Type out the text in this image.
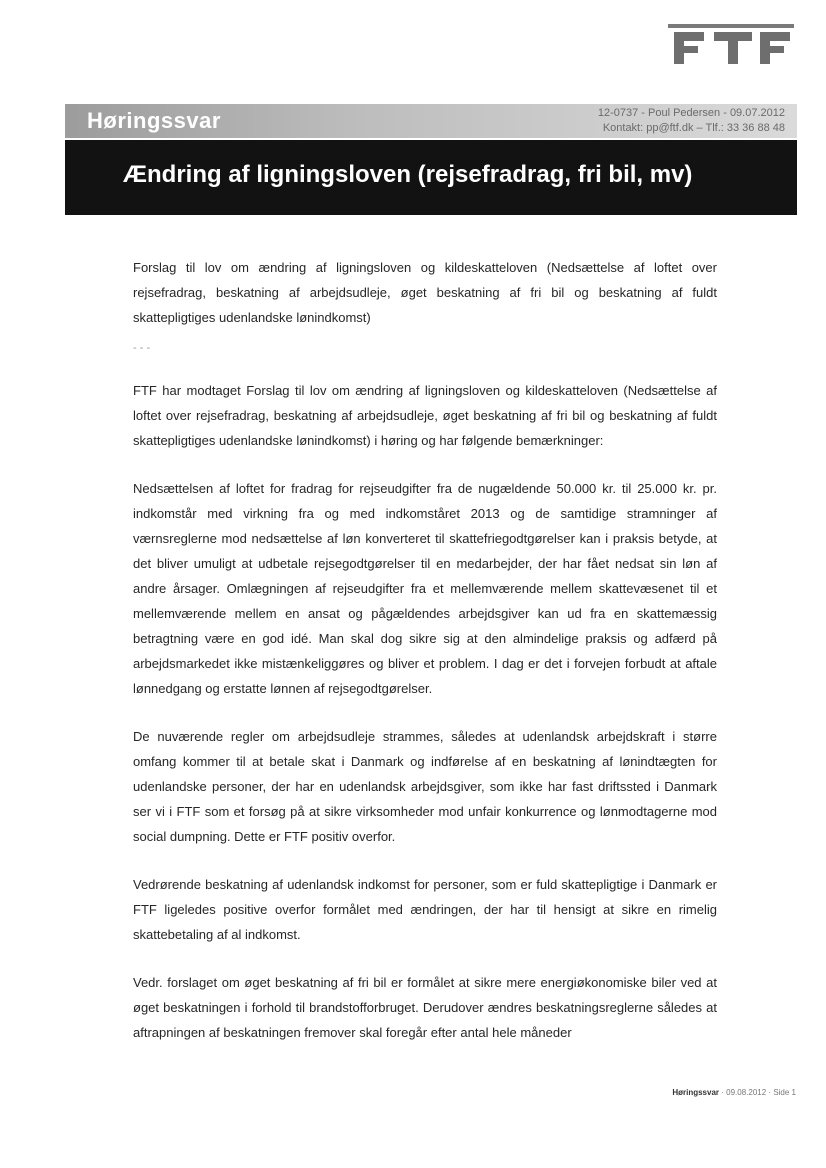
Høringssvar	12-0737 - Poul Pedersen - 09.07.2012
Kontakt: pp@ftf.dk – Tlf.: 33 36 88 48
Ændring af ligningsloven (rejsefradrag, fri bil, mv)

Forslag til lov om ændring af ligningsloven og kildeskatteloven (Nedsættelse af loftet over rejsefradrag, beskatning af arbejdsudleje, øget beskatning af fri bil og beskatning af fuldt skattepligtiges udenlandske lønindkomst)

- - -

FTF har modtaget Forslag til lov om ændring af ligningsloven og kildeskatteloven (Nedsættelse af loftet over rejsefradrag, beskatning af arbejdsudleje, øget beskatning af fri bil og beskatning af fuldt skattepligtiges udenlandske lønindkomst) i høring og har følgende bemærkninger:

Nedsættelsen af loftet for fradrag for rejseudgifter fra de nugældende 50.000 kr. til 25.000 kr. pr. indkomstår med virkning fra og med indkomståret 2013 og de samtidige stramninger af værnsreglerne mod nedsættelse af løn konverteret til skattefriegodtgørelser kan i praksis betyde, at det bliver umuligt at udbetale rejsegodtgørelser til en medarbejder, der har fået nedsat sin løn af andre årsager. Omlægningen af rejseudgifter fra et mellemværende mellem skattevæsenet til et mellemværende mellem en ansat og pågældendes arbejdsgiver kan ud fra en skattemæssig betragtning være en god idé. Man skal dog sikre sig at den almindelige praksis og adfærd på arbejdsmarkedet ikke mistænkeliggøres og bliver et problem. I dag er det i forvejen forbudt at aftale lønnedgang og erstatte lønnen af rejsegodtgørelser.

De nuværende regler om arbejdsudleje strammes, således at udenlandsk arbejdskraft i større omfang kommer til at betale skat i Danmark og indførelse af en beskatning af lønindtægten for udenlandske personer, der har en udenlandsk arbejdsgiver, som ikke har fast driftssted i Danmark ser vi i FTF som et forsøg på at sikre virksomheder mod unfair konkurrence og lønmodtagerne mod social dumpning. Dette er FTF positiv overfor.

Vedrørende beskatning af udenlandsk indkomst for personer, som er fuld skattepligtige i Danmark er FTF ligeledes positive overfor formålet med ændringen, der har til hensigt at sikre en rimelig skattebetaling af al indkomst.

Vedr. forslaget om øget beskatning af fri bil er formålet at sikre mere energiøkonomiske biler ved at øget beskatningen i forhold til brandstofforbruget. Derudover ændres beskatningsreglerne således at aftrapningen af beskatningen fremover skal foregår efter antal hele måneder

Høringssvar · 09.08.2012 · Side 1
